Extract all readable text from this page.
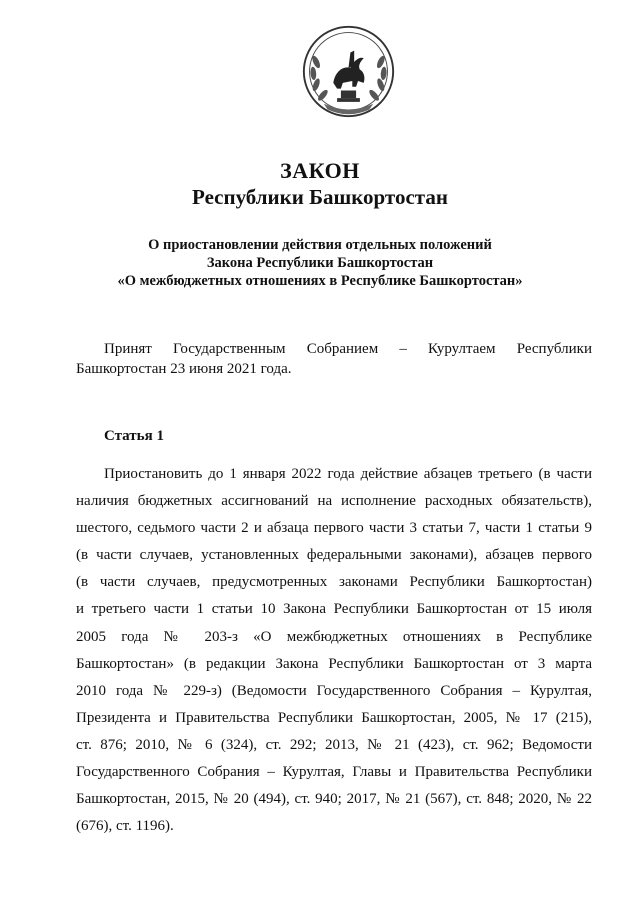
ЗАКОН
Республики Башкортостан
О приостановлении действия отдельных положений
Закона Республики Башкортостан
«О межбюджетных отношениях в Республике Башкортостан»
Принят Государственным Собранием – Курултаем Республики
Башкортостан 23 июня 2021 года.
Статья 1
Приостановить до 1 января 2022 года действие абзацев третьего (в части
наличия бюджетных ассигнований на исполнение расходных обязательств),
шестого, седьмого части 2 и абзаца первого части 3 статьи 7, части 1 статьи 9
(в части случаев, установленных федеральными законами), абзацев первого
(в части случаев, предусмотренных законами Республики Башкортостан)
и третьего части 1 статьи 10 Закона Республики Башкортостан от 15 июля
2005 года № 203-з «О межбюджетных отношениях в Республике
Башкортостан» (в редакции Закона Республики Башкортостан от 3 марта
2010 года № 229-з) (Ведомости Государственного Собрания – Курултая,
Президента и Правительства Республики Башкортостан, 2005, № 17 (215),
ст. 876; 2010, № 6 (324), ст. 292; 2013, № 21 (423), ст. 962; Ведомости
Государственного Собрания – Курултая, Главы и Правительства Республики
Башкортостан, 2015, № 20 (494), ст. 940; 2017, № 21 (567), ст. 848; 2020, № 22
(676), ст. 1196).
